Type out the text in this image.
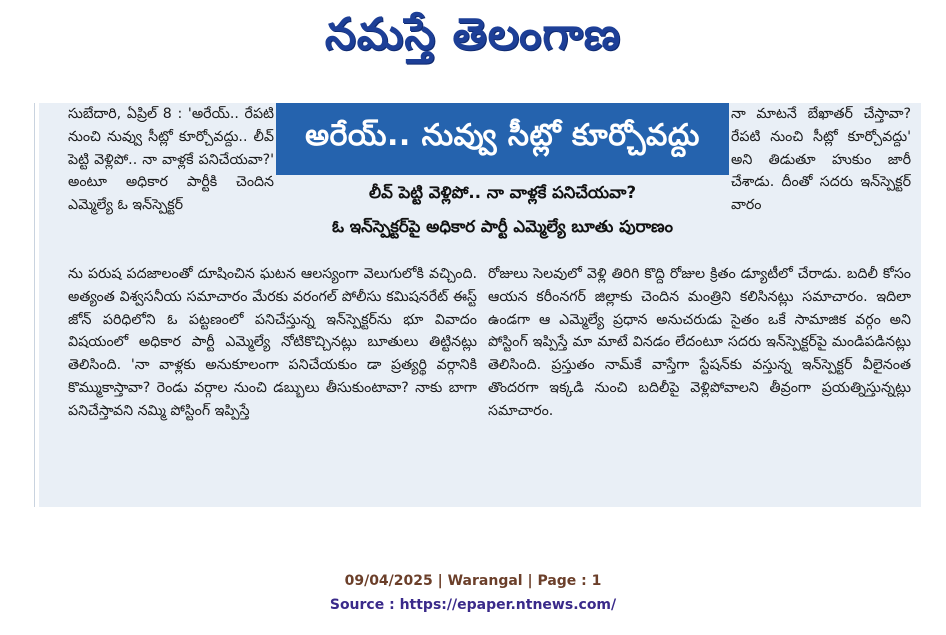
నమస్తే తెలంగాణ

సుబేదారి, ఏప్రిల్ 8 : 'అరేయ్.. రేపటి నుంచి నువ్వు సీట్లో కూర్చోవద్దు.. లీవ్ పెట్టి వెళ్లిపో.. నా వాళ్లకే పనిచేయవా?' అంటూ అధికార పార్టీకి చెందిన ఎమ్మెల్యే ఓ ఇన్‌స్పెక్టర్

అరేయ్.. నువ్వు సీట్లో కూర్చోవద్దు
లీవ్ పెట్టి వెళ్లిపో.. నా వాళ్లకే పనిచేయవా?
ఓ ఇన్‌స్పెక్టర్‌పై అధికార పార్టీ ఎమ్మెల్యే బూతు పురాణం

నా మాటనే బేఖాతర్ చేస్తావా? రేపటి నుంచి సీట్లో కూర్చోవద్దు' అని తిడుతూ హుకుం జారీ చేశాడు. దీంతో సదరు ఇన్‌స్పెక్టర్ వారం

ను పరుష పదజాలంతో దూషించిన ఘటన ఆలస్యంగా వెలుగులోకి వచ్చింది. అత్యంత విశ్వసనీయ సమాచారం మేరకు వరంగల్ పోలీసు కమిషనరేట్ ఈస్ట్ జోన్ పరిధిలోని ఓ పట్టణంలో పనిచేస్తున్న ఇన్‌స్పెక్టర్‌ను భూ వివాదం విషయంలో అధికార పార్టీ ఎమ్మెల్యే నోటికొచ్చినట్లు బూతులు తిట్టినట్లు తెలిసింది. 'నా వాళ్లకు అనుకూలంగా పనిచేయకుం డా ప్రత్యర్థి వర్గానికి కొమ్ముకాస్తావా? రెండు వర్గాల నుంచి డబ్బులు తీసుకుంటావా? నాకు బాగా పనిచేస్తావని నమ్మి పోస్టింగ్ ఇప్పిస్తే

రోజులు సెలవులో వెళ్లి తిరిగి కొద్ది రోజుల క్రితం డ్యూటీలో చేరాడు. బదిలీ కోసం ఆయన కరీంనగర్ జిల్లాకు చెందిన మంత్రిని కలిసినట్లు సమాచారం. ఇదిలా ఉండగా ఆ ఎమ్మెల్యే ప్రధాన అనుచరుడు సైతం ఒకే సామాజిక వర్గం అని పోస్టింగ్ ఇప్పిస్తే మా మాటే వినడం లేదంటూ సదరు ఇన్‌స్పెక్టర్‌పై మండిపడినట్లు తెలిసింది. ప్రస్తుతం నామ్‌కే వాస్తేగా స్టేషన్‌కు వస్తున్న ఇన్‌స్పెక్టర్ వీలైనంత తొందరగా ఇక్కడి నుంచి బదిలీపై వెళ్లిపోవాలని తీవ్రంగా ప్రయత్నిస్తున్నట్లు సమాచారం.

09/04/2025 | Warangal | Page : 1
Source : https://epaper.ntnews.com/
